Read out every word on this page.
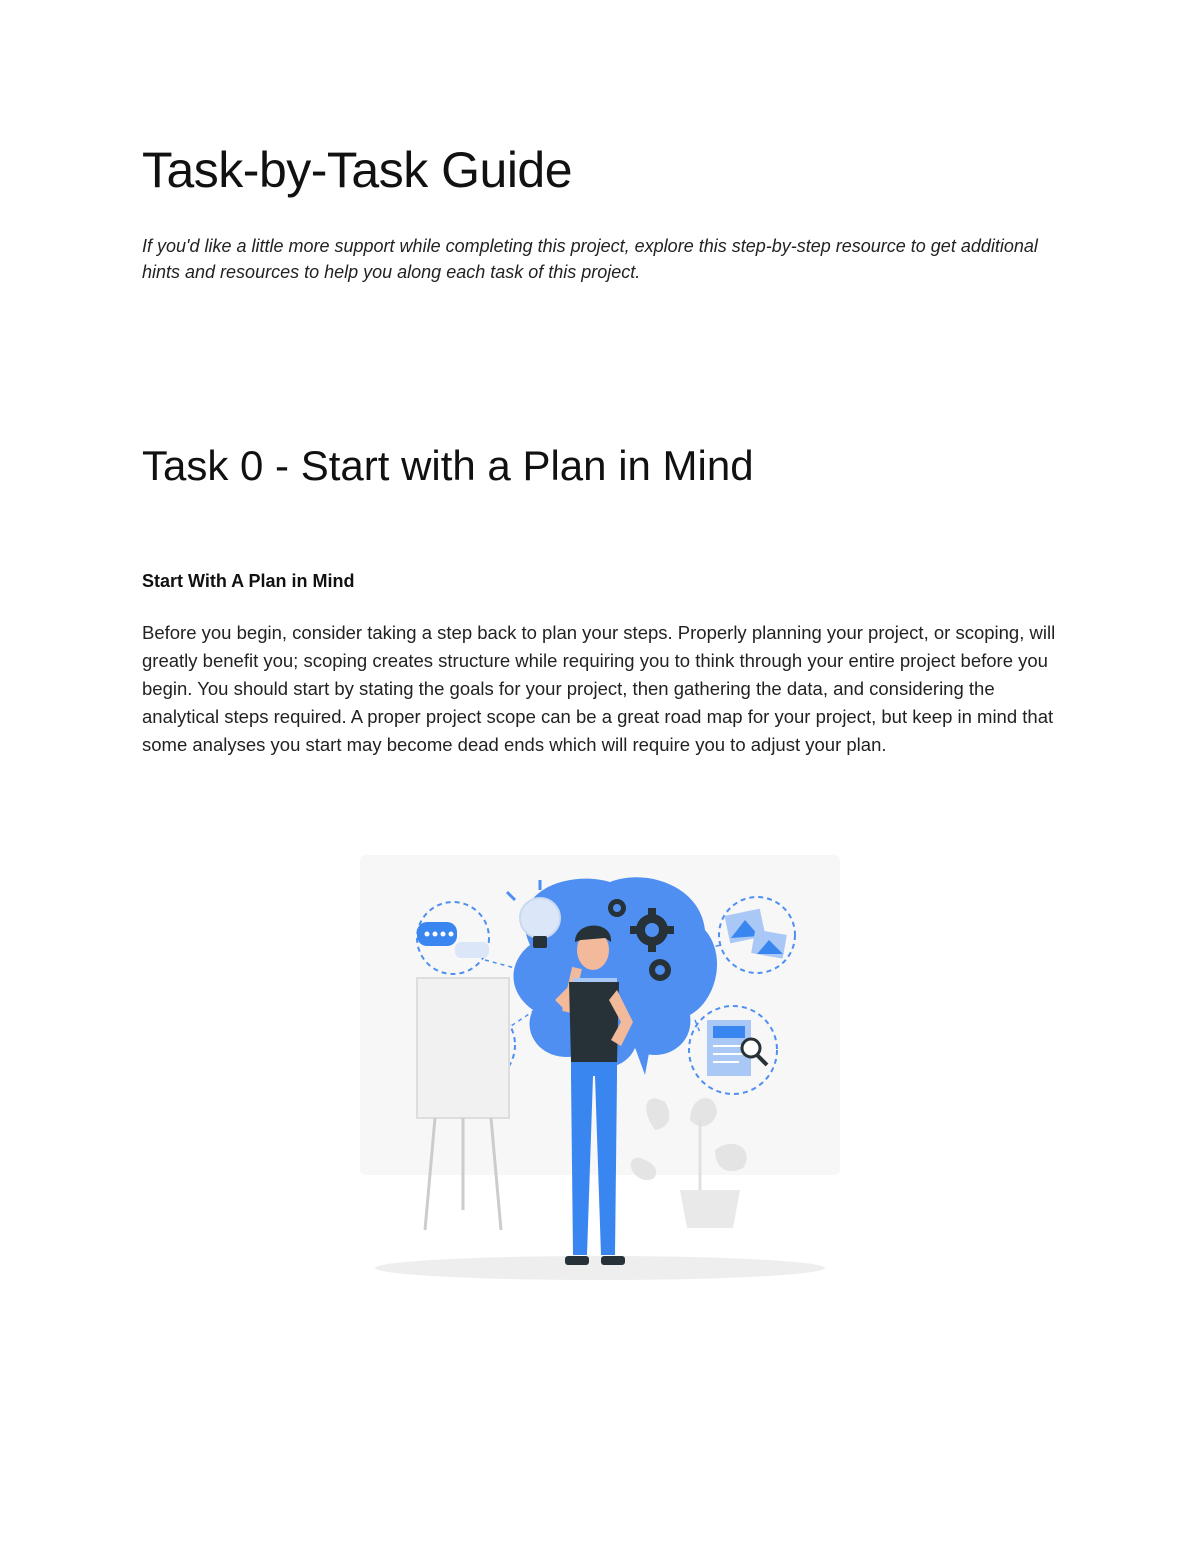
Task-by-Task Guide

If you'd like a little more support while completing this project, explore this step-by-step resource to get additional hints and resources to help you along each task of this project.

Task 0 - Start with a Plan in Mind
Start With A Plan in Mind

Before you begin, consider taking a step back to plan your steps. Properly planning your project, or scoping, will greatly benefit you; scoping creates structure while requiring you to think through your entire project before you begin. You should start by stating the goals for your project, then gathering the data, and considering the analytical steps required. A proper project scope can be a great road map for your project, but keep in mind that some analyses you start may become dead ends which will require you to adjust your plan.
